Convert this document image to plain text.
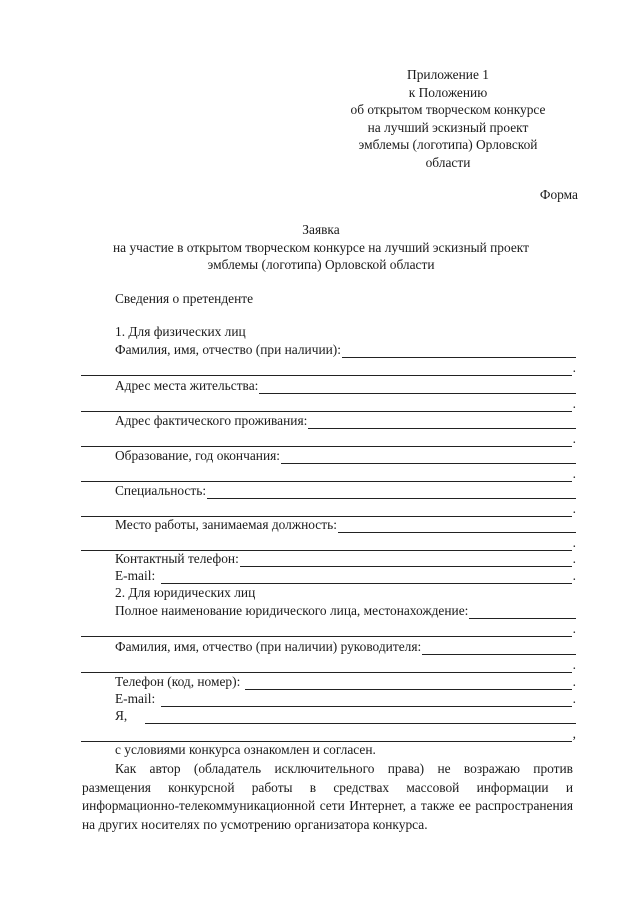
Приложение 1
к Положению
об открытом творческом конкурсе
на лучший эскизный проект
эмблемы (логотипа) Орловской
области
Форма
Заявка
на участие в открытом творческом конкурсе на лучший эскизный проект
эмблемы (логотипа) Орловской области
Сведения о претенденте
1. Для физических лиц
Фамилия, имя, отчество (при наличии):
.
Адрес места жительства:
.
Адрес фактического проживания:
.
Образование, год окончания:
.
Специальность:
.
Место работы, занимаемая должность:
.
Контактный телефон:	.
E-mail:	.
2. Для юридических лиц
Полное наименование юридического лица, местонахождение:
.
Фамилия, имя, отчество (при наличии) руководителя:
.
Телефон (код, номер):	.
E-mail:	.
Я,
,
с условиями конкурса ознакомлен и согласен.
Как автор (обладатель исключительного права) не возражаю против размещения конкурсной работы в средствах массовой информации и информационно-телекоммуникационной сети Интернет, а также ее распространения на других носителях по усмотрению организатора конкурса.
